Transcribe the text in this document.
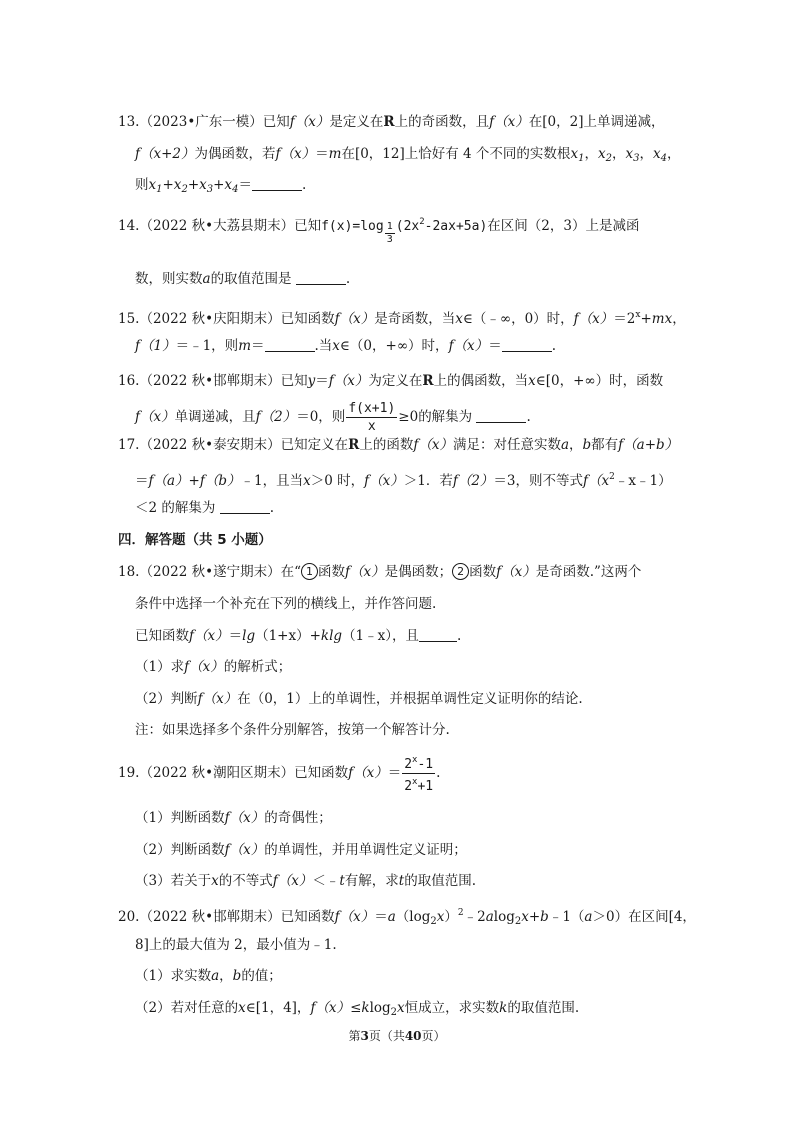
13.（2023•广东一模）已知f（x）是定义在R上的奇函数，且f（x）在[0，2]上单调递减，
f（x+2）为偶函数，若f（x）＝m在[0，12]上恰好有 4 个不同的实数根$x_1$，$x_2$，$x_3$，$x_4$，
则$x_1+x_2+x_3+x_4=$	.
14.（2022 秋•大荔县期末）已知$f(x)=\log \frac{1}{3} (2x^2-2ax+5a)$在区间（2，3）上是减函
数，则实数a的取值范围是	.
15.（2022 秋•庆阳期末）已知函数f（x）是奇函数，当x∈（﹣∞，0）时，$f(x)=2^x+mx$，
f（1）＝﹣1，则m＝	.当x∈（0，+∞）时，f（x）＝	.
16.（2022 秋•邯郸期末）已知y＝f（x）为定义在R上的偶函数，当x∈[0，+∞）时，函数
f（x）单调递减，且f（2）＝0，则 $\frac{f(x+1)}{x} \ge 0$的解集为	.
17.（2022 秋•泰安期末）已知定义在R上的函数f（x）满足：对任意实数a，b都有f（a+b）
＝f（a）+f（b）﹣1，且当x＞0 时，f（x）＞1．若f（2）＝3，则不等式$f(x^2﹣x﹣1)$
＜2 的解集为	.
四．解答题（共 5 小题）
18.（2022 秋•遂宁期末）在“ 1 函数f（x）是偶函数； 2 函数f（x）是奇函数.”这两个
条件中选择一个补充在下列的横线上，并作答问题.
已知函数f（x）＝lg（1+x）+klg（1﹣x），且	.
（1）求f（x）的解析式；
（2）判断f（x）在（0，1）上的单调性，并根据单调性定义证明你的结论.
注：如果选择多个条件分别解答，按第一个解答计分.
19.（2022 秋•潮阳区期末）已知函数$f(x)= \frac{2^x-1}{2^x+1}$ .
（1）判断函数f（x）的奇偶性；
（2）判断函数f（x）的单调性，并用单调性定义证明；
（3）若关于x的不等式f（x）＜﹣t有解，求t的取值范围.
20.（2022 秋•邯郸期末）已知函数$f(x)=a(\log_2x)^2﹣2alog_2x+b﹣1(a>0)$在区间[4，
8]上的最大值为 2，最小值为﹣1.
（1）求实数a，b的值；
（2）若对任意的x∈[1，4]，f（x）≤klog$_2$x恒成立，求实数k的取值范围.
第3页（共40页）
